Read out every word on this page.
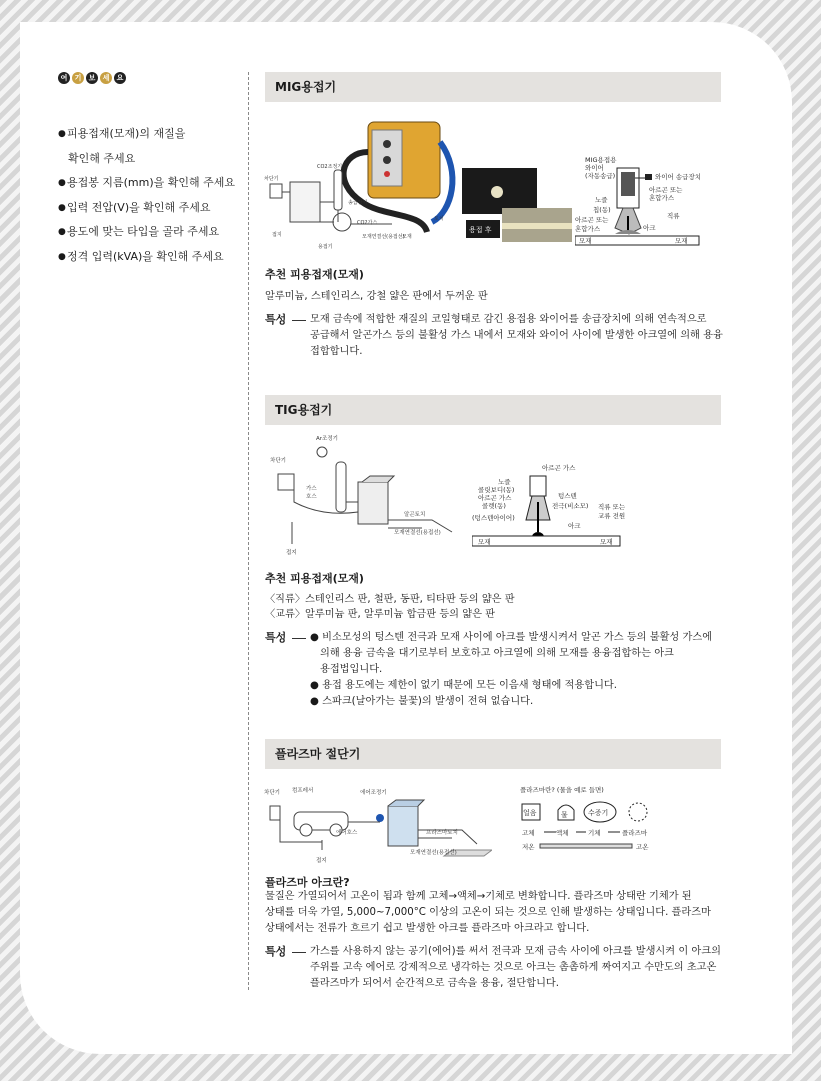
여	기	보	세	요
● 피용접재(모재)의 재질을
확인해 주세요
● 용접봉 지름(mm)을 확인해 주세요
● 입력 전압(V)을 확인해 주세요
● 용도에 맞는 타입을 골라 주세요
● 정격 입력(kVA)을 확인해 주세요
MIG용접기
CO2조정기
차단기
접지
송급장치
CO2가스
모재연결선(용접선)
모재
토치
용접기
용접 후
MIG용접용
와이어
(자동송급)	와이어 송급장치
아르곤 또는
혼합가스
노즐
칩(동)
아르곤 또는
혼합가스
직류
아크
모재	모재
추천 피용접재(모재)
알루미늄, 스테인리스, 강철 얇은 판에서 두꺼운 판
특성 모재 금속에 적합한 재질의 코일형태로 감긴 용접용 와이어를 송급장치에 의해 연속적으로
공급해서 알곤가스 등의 불활성 가스 내에서 모재와 와이어 사이에 발생한 아크열에 의해 용융
접합합니다.
TIG용접기
Ar조정기
차단기
가스
호스
알곤토치
모재연결선(용접선)
접지
아르곤 가스
노즐
콜릿보디(동)
아르곤 가스
콜렛(동)
(텅스텐아이어)
텅스텐
전극(비소모) 직류 또는
교류 전원
아크
모재	모재
추천 피용접재(모재)
〈직류〉스테인리스 판, 철판, 동판, 티타판 등의 얇은 판
〈교류〉알루미늄 판, 알루미늄 합금판 등의 얇은 판
특성 ● 비소모성의 텅스텐 전극과 모재 사이에 아크를 발생시켜서 알곤 가스 등의 불활성 가스에
의해 용융 금속을 대기로부터 보호하고 아크열에 의해 모재를 용융접합하는 아크
용접법입니다.
● 용접 용도에는 제한이 없기 때문에 모든 이음새 형태에 적용합니다.
● 스파크(날아가는 불꽃)의 발생이 전혀 없습니다.
플라즈마 절단기
차단기 컴프레서	에어조정기
에어호스	프라즈마토치
모재연결선(용접선)
접지
플라즈마란? (물을 예로 들면)
얼음	물	수증기
고체	액체	기체	플라즈마
저온	고온
플라즈마 아크란?
물질은 가열되어서 고온이 됨과 함께 고체→액체→기체로 변화합니다. 플라즈마 상태란 기체가 된
상태를 더욱 가열, 5,000~7,000°C 이상의 고온이 되는 것으로 인해 발생하는 상태입니다. 플라즈마
상태에서는 전류가 흐르기 쉽고 발생한 아크를 플라즈마 아크라고 합니다.
특성 가스를 사용하지 않는 공기(에어)를 써서 전극과 모재 금속 사이에 아크를 발생시켜 이 아크의
주위를 고속 에어로 강제적으로 냉각하는 것으로 아크는 촘촘하게 짜여지고 수만도의 초고온
플라즈마가 되어서 순간적으로 금속을 용융, 절단합니다.
